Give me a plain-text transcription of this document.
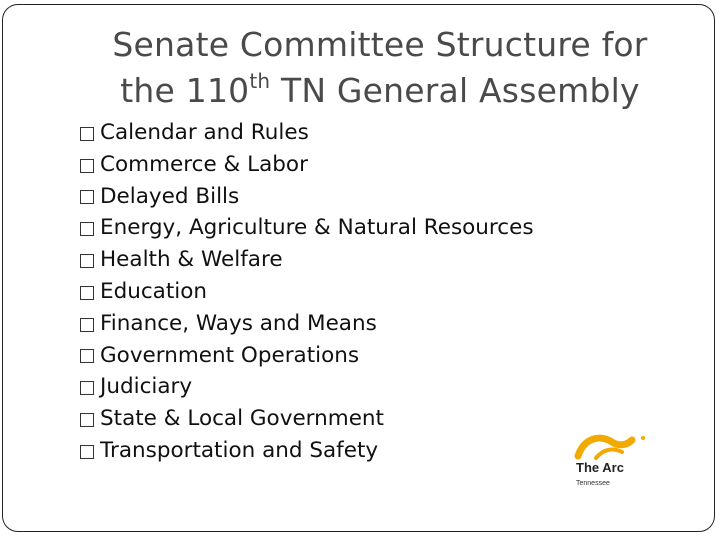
Senate Committee Structure for
the 110th TN General Assembly
Calendar and Rules
Commerce & Labor
Delayed Bills
Energy, Agriculture & Natural Resources
Health & Welfare
Education
Finance, Ways and Means
Government Operations
Judiciary
State & Local Government
Transportation and Safety
The Arc
Tennessee
